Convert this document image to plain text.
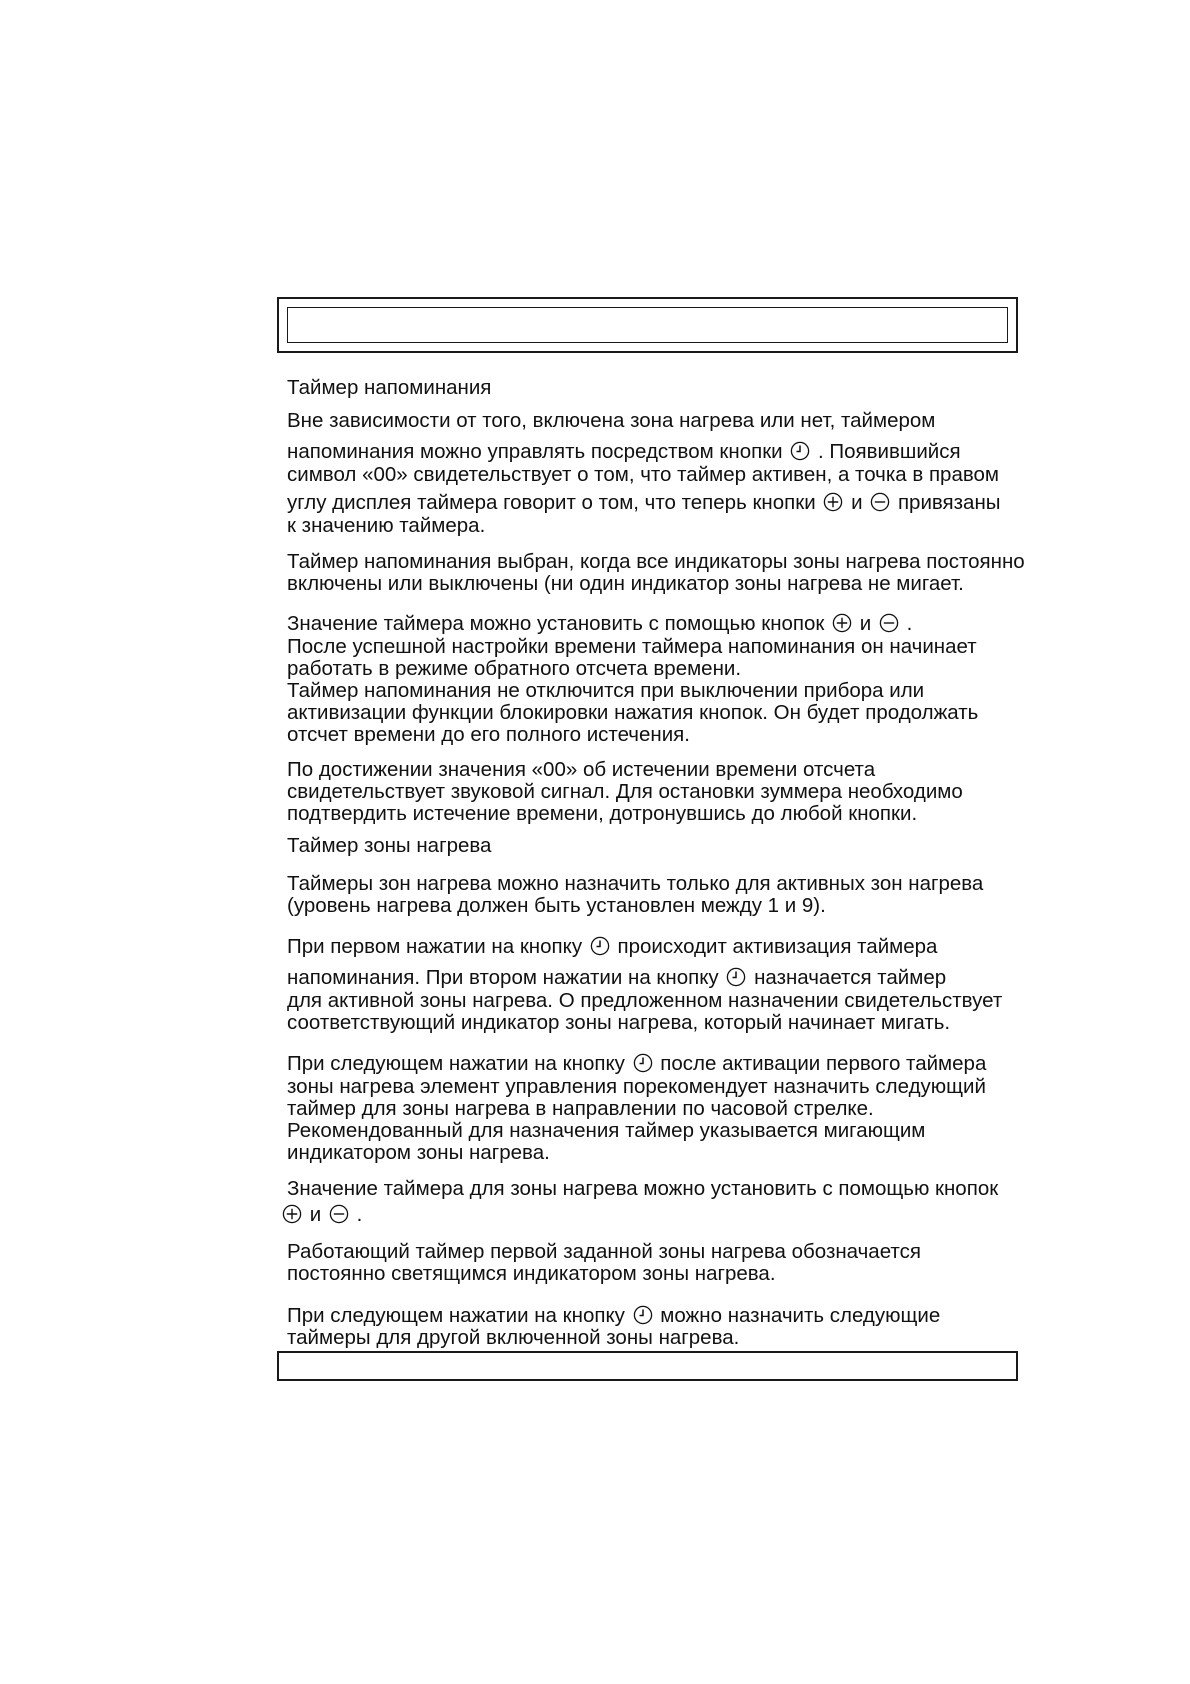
Таймер напоминания
Вне зависимости от того, включена зона нагрева или нет, таймером
напоминания можно управлять посредством кнопки . Появившийся
символ «00» свидетельствует о том, что таймер активен, а точка в правом
углу дисплея таймера говорит о том, что теперь кнопки и привязаны
к значению таймера.
Таймер напоминания выбран, когда все индикаторы зоны нагрева постоянно
включены или выключены (ни один индикатор зоны нагрева не мигает.
Значение таймера можно установить с помощью кнопок и .
После успешной настройки времени таймера напоминания он начинает
работать в режиме обратного отсчета времени.
Таймер напоминания не отключится при выключении прибора или
активизации функции блокировки нажатия кнопок. Он будет продолжать
отсчет времени до его полного истечения.
По достижении значения «00» об истечении времени отсчета
свидетельствует звуковой сигнал. Для остановки зуммера необходимо
подтвердить истечение времени, дотронувшись до любой кнопки.
Таймер зоны нагрева
Таймеры зон нагрева можно назначить только для активных зон нагрева
(уровень нагрева должен быть установлен между 1 и 9).
При первом нажатии на кнопку происходит активизация таймера
напоминания. При втором нажатии на кнопку назначается таймер
для активной зоны нагрева. О предложенном назначении свидетельствует
соответствующий индикатор зоны нагрева, который начинает мигать.
При следующем нажатии на кнопку после активации первого таймера
зоны нагрева элемент управления порекомендует назначить следующий
таймер для зоны нагрева в направлении по часовой стрелке.
Рекомендованный для назначения таймер указывается мигающим
индикатором зоны нагрева.
Значение таймера для зоны нагрева можно установить с помощью кнопок
и .
Работающий таймер первой заданной зоны нагрева обозначается
постоянно светящимся индикатором зоны нагрева.
При следующем нажатии на кнопку можно назначить следующие
таймеры для другой включенной зоны нагрева.
